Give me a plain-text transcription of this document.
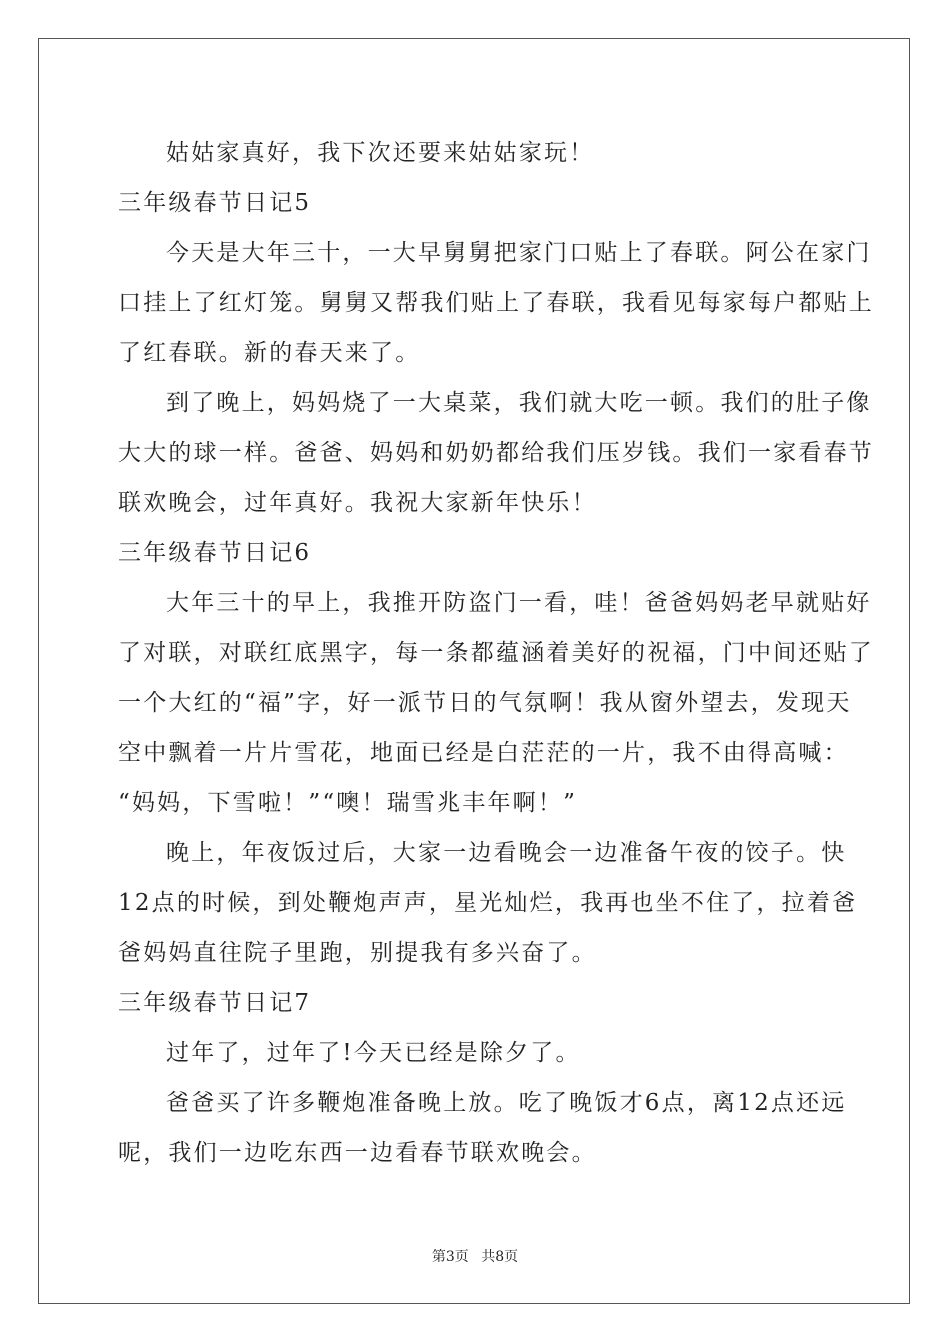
姑姑家真好，我下次还要来姑姑家玩！
三年级春节日记5
今天是大年三十，一大早舅舅把家门口贴上了春联。阿公在家门
口挂上了红灯笼。舅舅又帮我们贴上了春联，我看见每家每户都贴上
了红春联。新的春天来了。
到了晚上，妈妈烧了一大桌菜，我们就大吃一顿。我们的肚子像
大大的球一样。爸爸、妈妈和奶奶都给我们压岁钱。我们一家看春节
联欢晚会，过年真好。我祝大家新年快乐！
三年级春节日记6
大年三十的早上，我推开防盗门一看，哇！爸爸妈妈老早就贴好
了对联，对联红底黑字，每一条都蕴涵着美好的祝福，门中间还贴了
一个大红的“福”字，好一派节日的气氛啊！我从窗外望去，发现天
空中飘着一片片雪花，地面已经是白茫茫的一片，我不由得高喊：
“妈妈，下雪啦！”“噢！瑞雪兆丰年啊！”
晚上，年夜饭过后，大家一边看晚会一边准备午夜的饺子。快
12点的时候，到处鞭炮声声，星光灿烂，我再也坐不住了，拉着爸
爸妈妈直往院子里跑，别提我有多兴奋了。
三年级春节日记7
过年了，过年了!今天已经是除夕了。
爸爸买了许多鞭炮准备晚上放。吃了晚饭才6点，离12点还远
呢，我们一边吃东西一边看春节联欢晚会。
第3页 共8页
